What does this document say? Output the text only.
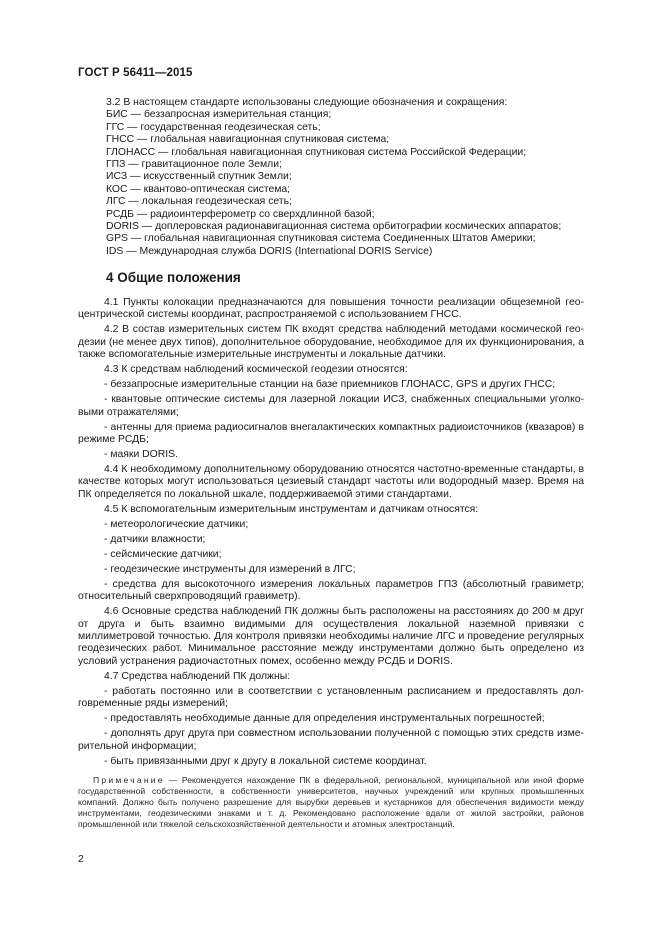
ГОСТ Р 56411—2015
3.2 В настоящем стандарте использованы следующие обозначения и сокращения:
БИС — беззапросная измерительная станция;
ГГС — государственная геодезическая сеть;
ГНСС — глобальная навигационная спутниковая система;
ГЛОНАСС — глобальная навигационная спутниковая система Российской Федерации;
ГПЗ — гравитационное поле Земли;
ИСЗ — искусственный спутник Земли;
КОС — квантово-оптическая система;
ЛГС — локальная геодезическая сеть;
РСДБ — радиоинтерферометр со сверхдлинной базой;
DORIS — доплеровская радионавигационная система орбитографии космических аппаратов;
GPS — глобальная навигационная спутниковая система Соединенных Штатов Америки;
IDS — Международная служба DORIS (International DORIS Service)
4 Общие положения

4.1 Пункты колокации предназначаются для повышения точности реализации общеземной геоцентрической системы координат, распространяемой с использованием ГНСС.

4.2 В состав измерительных систем ПК входят средства наблюдений методами космической геодезии (не менее двух типов), дополнительное оборудование, необходимое для их функционирования, а также вспомогательные измерительные инструменты и локальные датчики.

4.3 К средствам наблюдений космической геодезии относятся:

- беззапросные измерительные станции на базе приемников ГЛОНАСС, GPS и других ГНСС;

- квантовые оптические системы для лазерной локации ИСЗ, снабженных специальными уголковыми отражателями;

- антенны для приема радиосигналов внегалактических компактных радиоисточников (квазаров) в режиме РСДБ;

- маяки DORIS.

4.4 К необходимому дополнительному оборудованию относятся частотно-временные стандарты, в качестве которых могут использоваться цезиевый стандарт частоты или водородный мазер. Время на ПК определяется по локальной шкале, поддерживаемой этими стандартами.

4.5 К вспомогательным измерительным инструментам и датчикам относятся:

- метеорологические датчики;

- датчики влажности;

- сейсмические датчики;

- геодезические инструменты для измерений в ЛГС;

- средства для высокоточного измерения локальных параметров ГПЗ (абсолютный гравиметр; относительный сверхпроводящий гравиметр).

4.6 Основные средства наблюдений ПК должны быть расположены на расстояниях до 200 м друг от друга и быть взаимно видимыми для осуществления локальной наземной привязки с миллиметровой точностью. Для контроля привязки необходимы наличие ЛГС и проведение регулярных геодезических работ. Минимальное расстояние между инструментами должно быть определено из условий устранения радиочастотных помех, особенно между РСДБ и DORIS.

4.7 Средства наблюдений ПК должны:

- работать постоянно или в соответствии с установленным расписанием и предоставлять долговременные ряды измерений;

- предоставлять необходимые данные для определения инструментальных погрешностей;

- дополнять друг друга при совместном использовании полученной с помощью этих средств измерительной информации;

- быть привязанными друг к другу в локальной системе координат.

Примечание — Рекомендуется нахождение ПК в федеральной, региональной, муниципальной или иной форме государственной собственности, в собственности университетов, научных учреждений или крупных промышленных компаний. Должно быть получено разрешение для вырубки деревьев и кустарников для обеспечения видимости между инструментами, геодезическими знаками и т. д. Рекомендовано расположение вдали от жилой застройки, районов промышленной или тяжелой сельскохозяйственной деятельности и атомных электростанций.
2
